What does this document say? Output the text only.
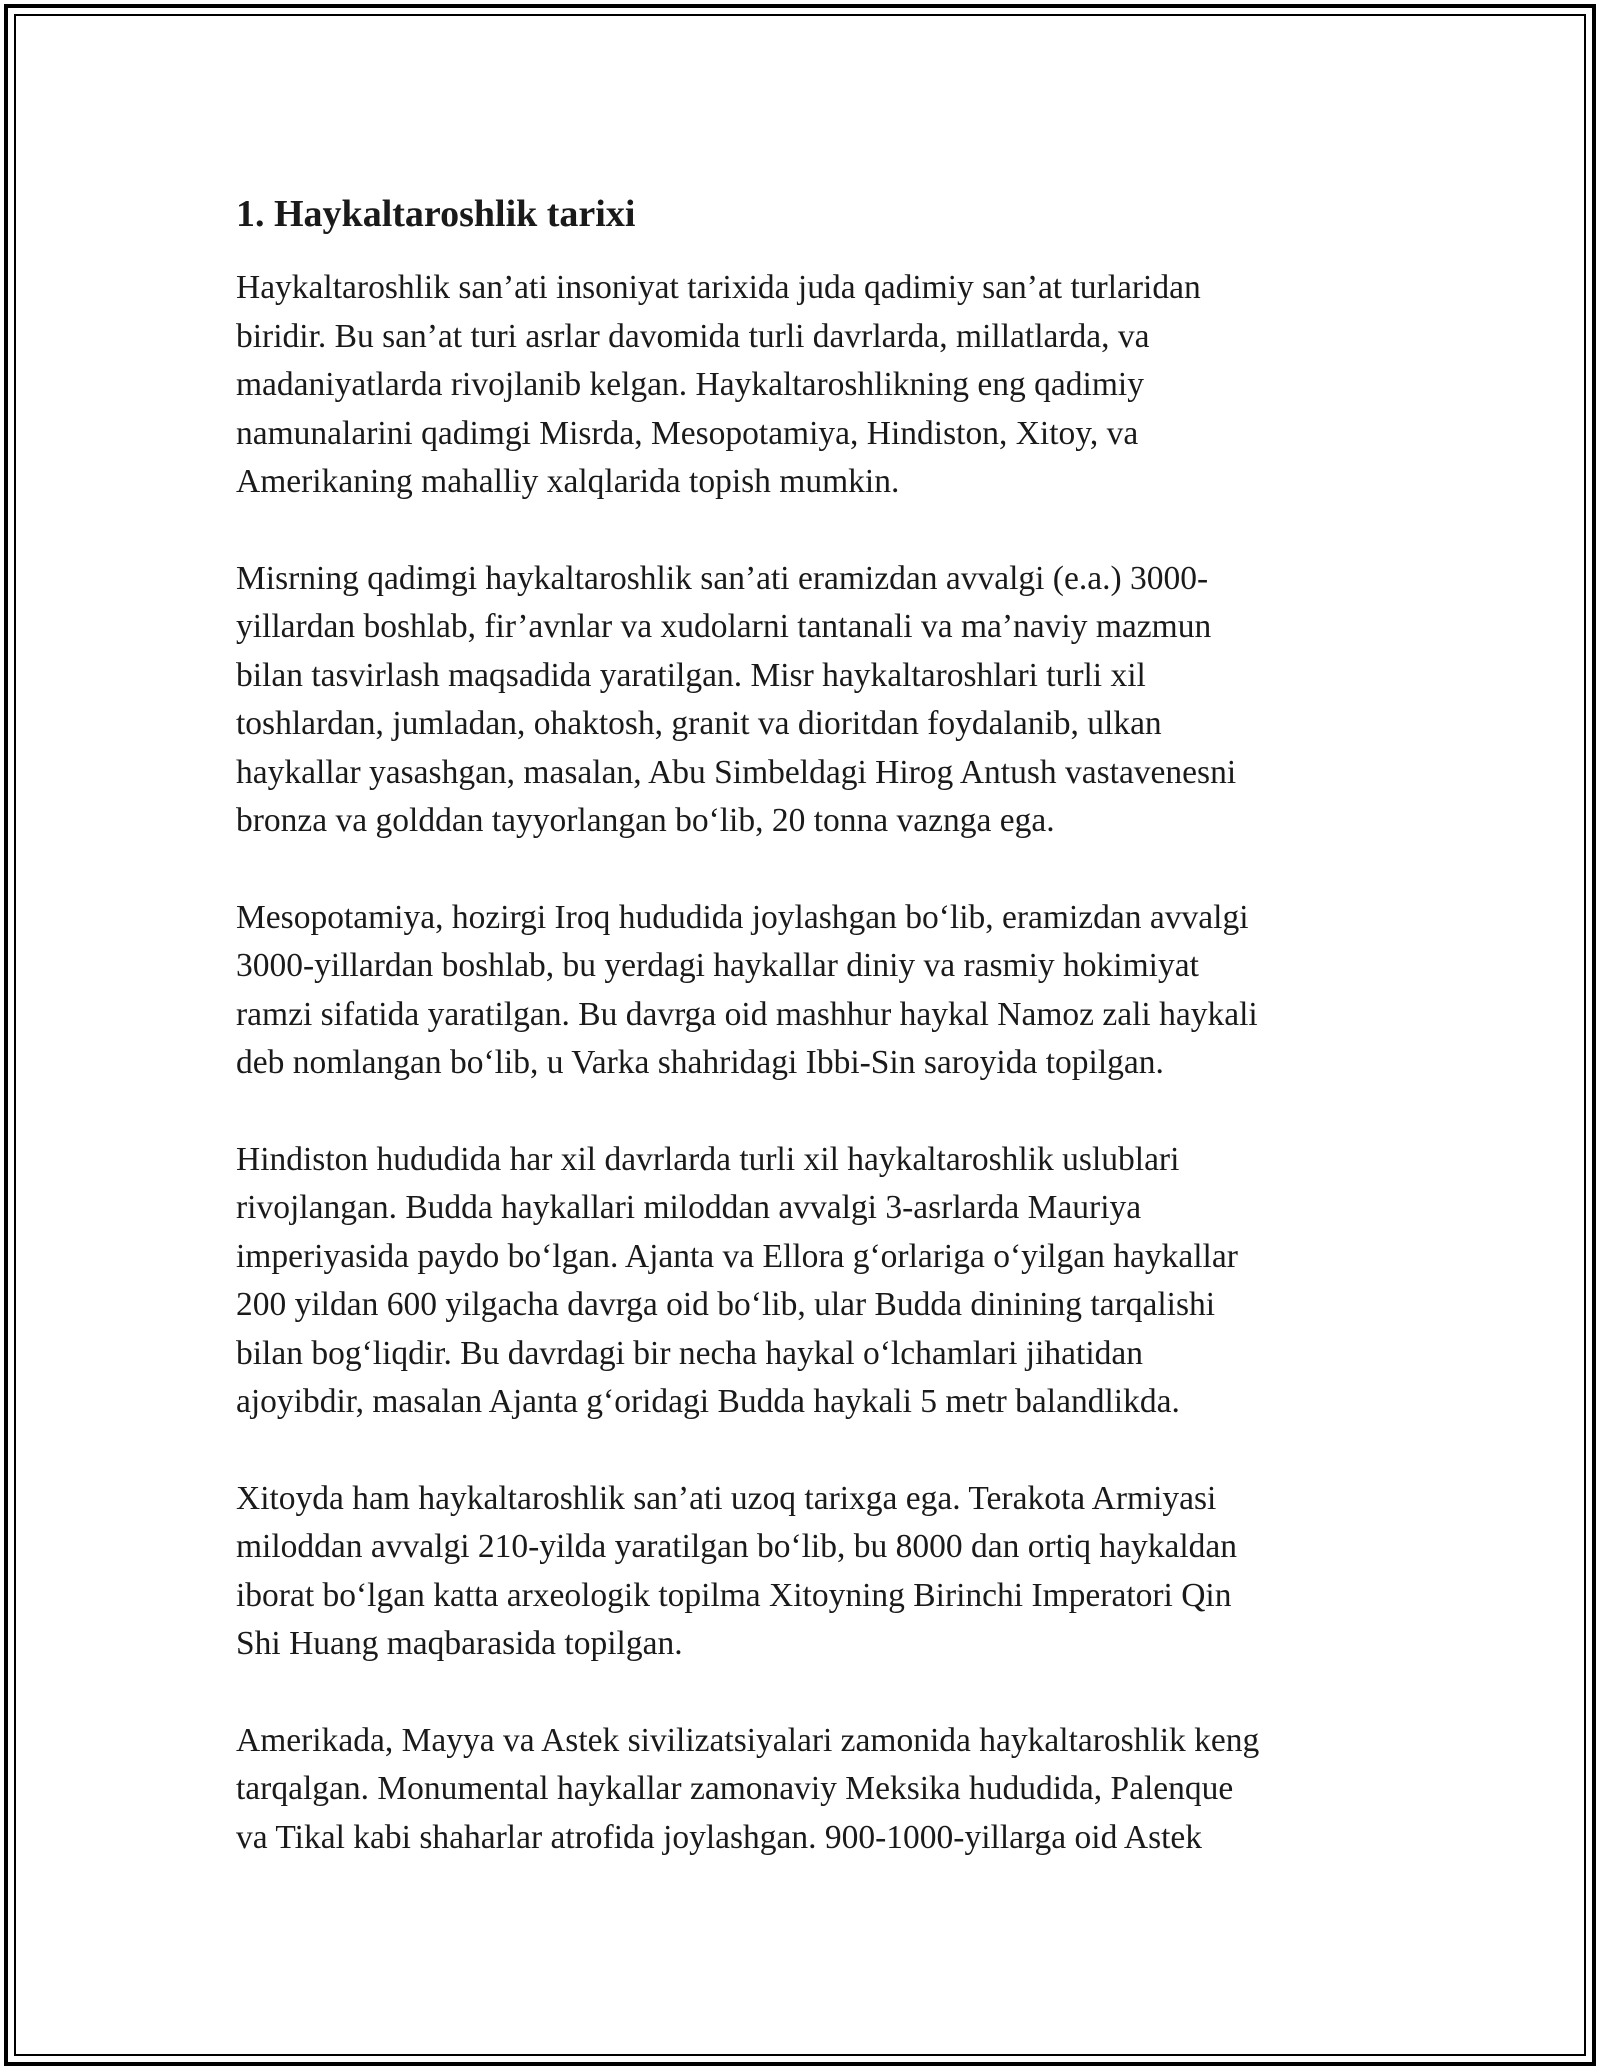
1. Haykaltaroshlik tarixi
Haykaltaroshlik san’ati insoniyat tarixida juda qadimiy san’at turlaridan
biridir. Bu san’at turi asrlar davomida turli davrlarda, millatlarda, va
madaniyatlarda rivojlanib kelgan. Haykaltaroshlikning eng qadimiy
namunalarini qadimgi Misrda, Mesopotamiya, Hindiston, Xitoy, va
Amerikaning mahalliy xalqlarida topish mumkin.
Misrning qadimgi haykaltaroshlik san’ati eramizdan avvalgi (e.a.) 3000-
yillardan boshlab, fir’avnlar va xudolarni tantanali va ma’naviy mazmun
bilan tasvirlash maqsadida yaratilgan. Misr haykaltaroshlari turli xil
toshlardan, jumladan, ohaktosh, granit va dioritdan foydalanib, ulkan
haykallar yasashgan, masalan, Abu Simbeldagi Hirog Antush vastavenesni
bronza va golddan tayyorlangan bo‘lib, 20 tonna vaznga ega.
Mesopotamiya, hozirgi Iroq hududida joylashgan bo‘lib, eramizdan avvalgi
3000-yillardan boshlab, bu yerdagi haykallar diniy va rasmiy hokimiyat
ramzi sifatida yaratilgan. Bu davrga oid mashhur haykal Namoz zali haykali
deb nomlangan bo‘lib, u Varka shahridagi Ibbi-Sin saroyida topilgan.
Hindiston hududida har xil davrlarda turli xil haykaltaroshlik uslublari
rivojlangan. Budda haykallari miloddan avvalgi 3-asrlarda Mauriya
imperiyasida paydo bo‘lgan. Ajanta va Ellora g‘orlariga o‘yilgan haykallar
200 yildan 600 yilgacha davrga oid bo‘lib, ular Budda dinining tarqalishi
bilan bog‘liqdir. Bu davrdagi bir necha haykal o‘lchamlari jihatidan
ajoyibdir, masalan Ajanta g‘oridagi Budda haykali 5 metr balandlikda.
Xitoyda ham haykaltaroshlik san’ati uzoq tarixga ega. Terakota Armiyasi
miloddan avvalgi 210-yilda yaratilgan bo‘lib, bu 8000 dan ortiq haykaldan
iborat bo‘lgan katta arxeologik topilma Xitoyning Birinchi Imperatori Qin
Shi Huang maqbarasida topilgan.
Amerikada, Mayya va Astek sivilizatsiyalari zamonida haykaltaroshlik keng
tarqalgan. Monumental haykallar zamonaviy Meksika hududida, Palenque
va Tikal kabi shaharlar atrofida joylashgan. 900-1000-yillarga oid Astek
